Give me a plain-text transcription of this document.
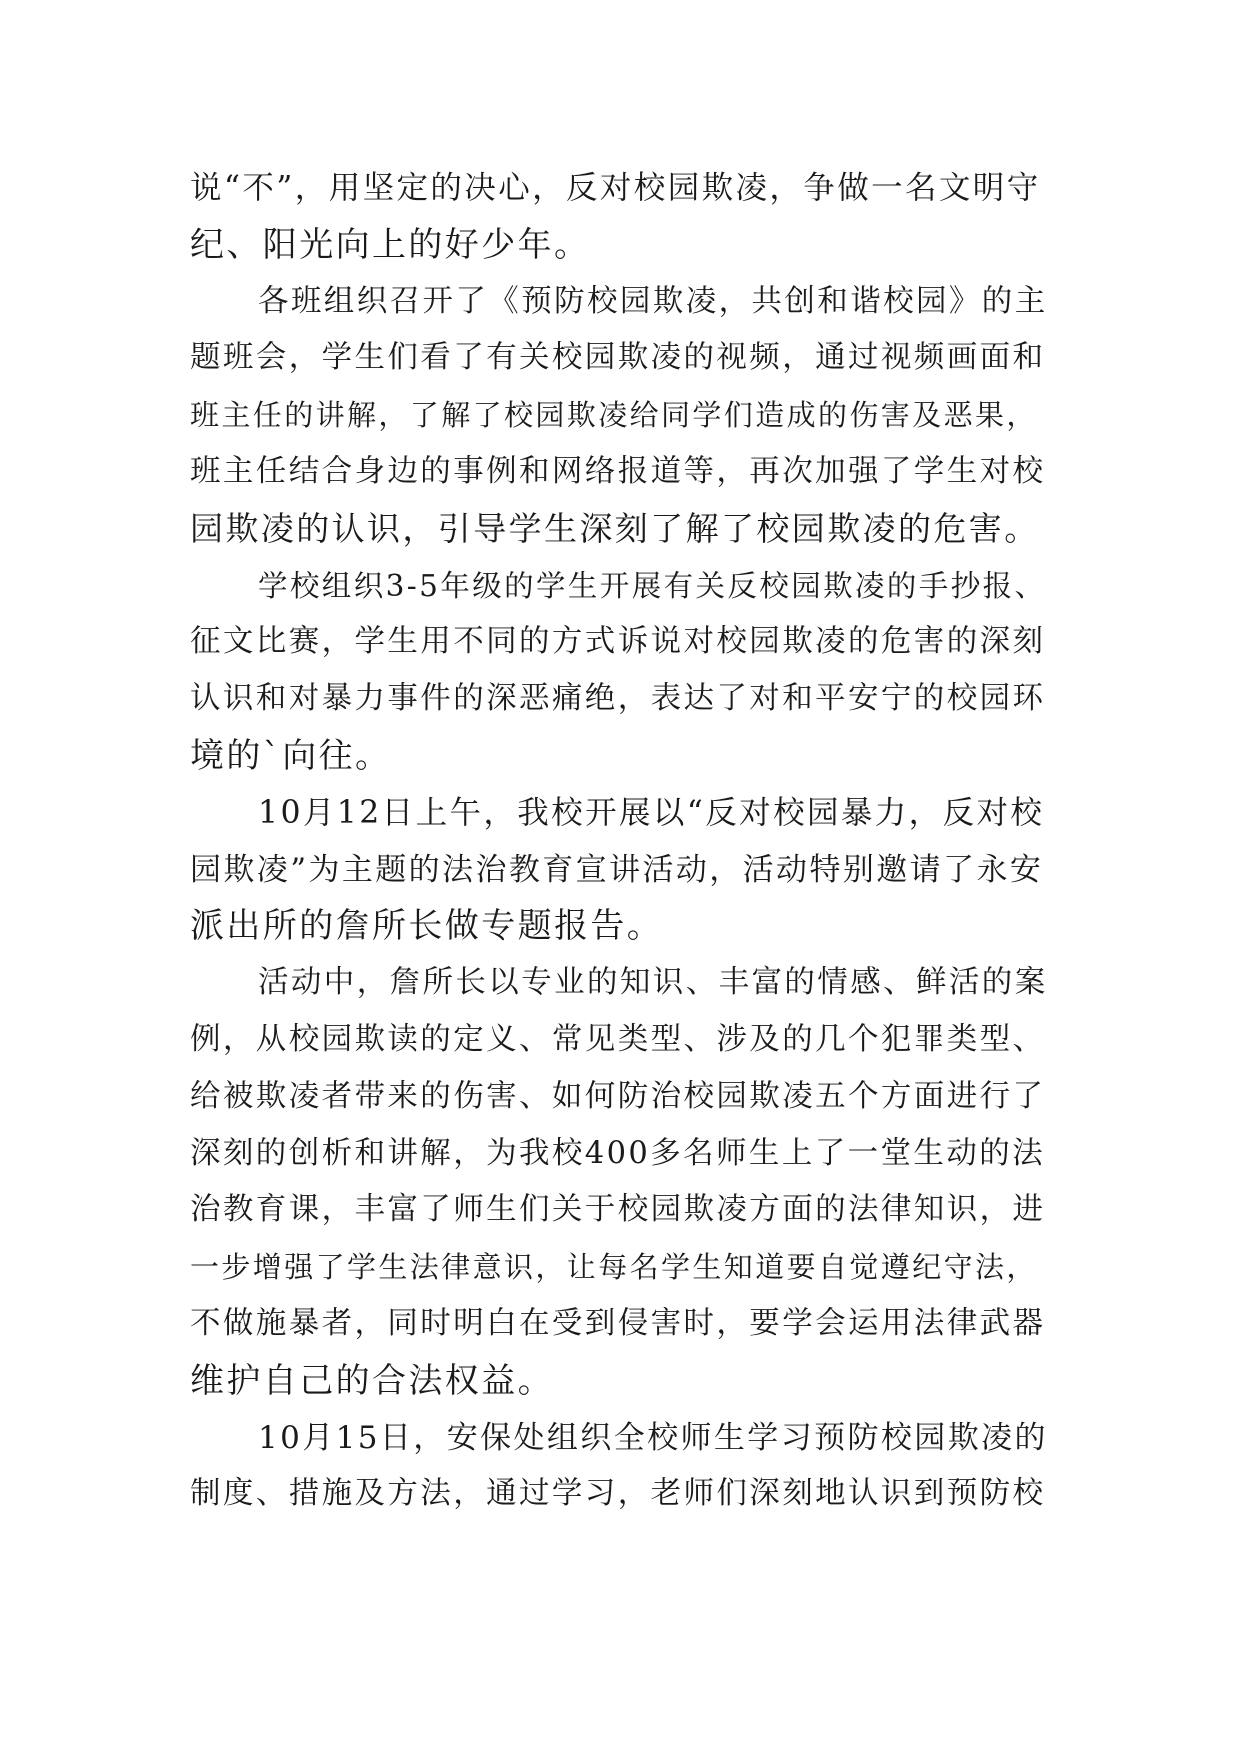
说“不”，用坚定的决心，反对校园欺凌，争做一名文明守
纪、阳光向上的好少年。
各班组织召开了《预防校园欺凌，共创和谐校园》的主
题班会，学生们看了有关校园欺凌的视频，通过视频画面和
班主任的讲解，了解了校园欺凌给同学们造成的伤害及恶果，
班主任结合身边的事例和网络报道等，再次加强了学生对校
园欺凌的认识，引导学生深刻了解了校园欺凌的危害。
学校组织3-5年级的学生开展有关反校园欺凌的手抄报、
征文比赛，学生用不同的方式诉说对校园欺凌的危害的深刻
认识和对暴力事件的深恶痛绝，表达了对和平安宁的校园环
境的`向往。
10月12日上午，我校开展以“反对校园暴力，反对校
园欺凌”为主题的法治教育宣讲活动，活动特别邀请了永安
派出所的詹所长做专题报告。
活动中，詹所长以专业的知识、丰富的情感、鲜活的案
例，从校园欺读的定义、常见类型、涉及的几个犯罪类型、
给被欺凌者带来的伤害、如何防治校园欺凌五个方面进行了
深刻的创析和讲解，为我校400多名师生上了一堂生动的法
治教育课，丰富了师生们关于校园欺凌方面的法律知识，进
一步增强了学生法律意识，让每名学生知道要自觉遵纪守法，
不做施暴者，同时明白在受到侵害时，要学会运用法律武器
维护自己的合法权益。
10月15日，安保处组织全校师生学习预防校园欺凌的
制度、措施及方法，通过学习，老师们深刻地认识到预防校
